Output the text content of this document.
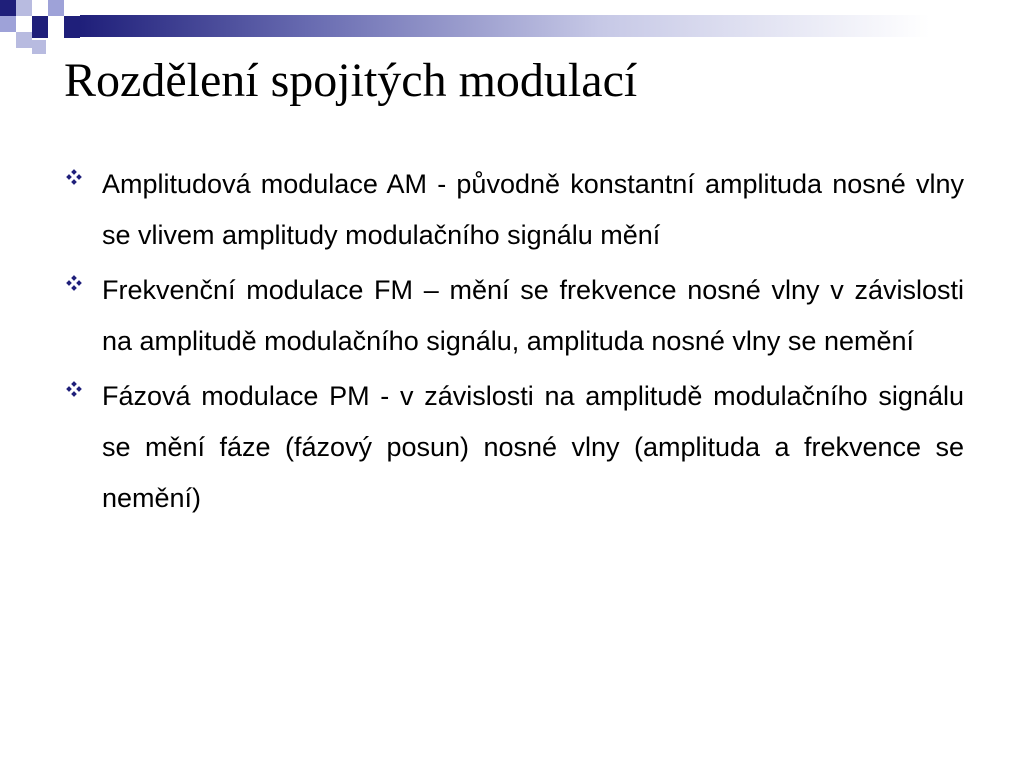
Rozdělení spojitých modulací
Amplitudová modulace AM - původně konstantní amplituda nosné vlny se vlivem amplitudy modulačního signálu mění
Frekvenční modulace FM – mění se frekvence nosné vlny v závislosti na amplitudě modulačního signálu, amplituda nosné vlny se nemění
Fázová modulace PM - v závislosti na amplitudě modulačního signálu se mění fáze (fázový posun) nosné vlny (amplituda a frekvence se nemění)
